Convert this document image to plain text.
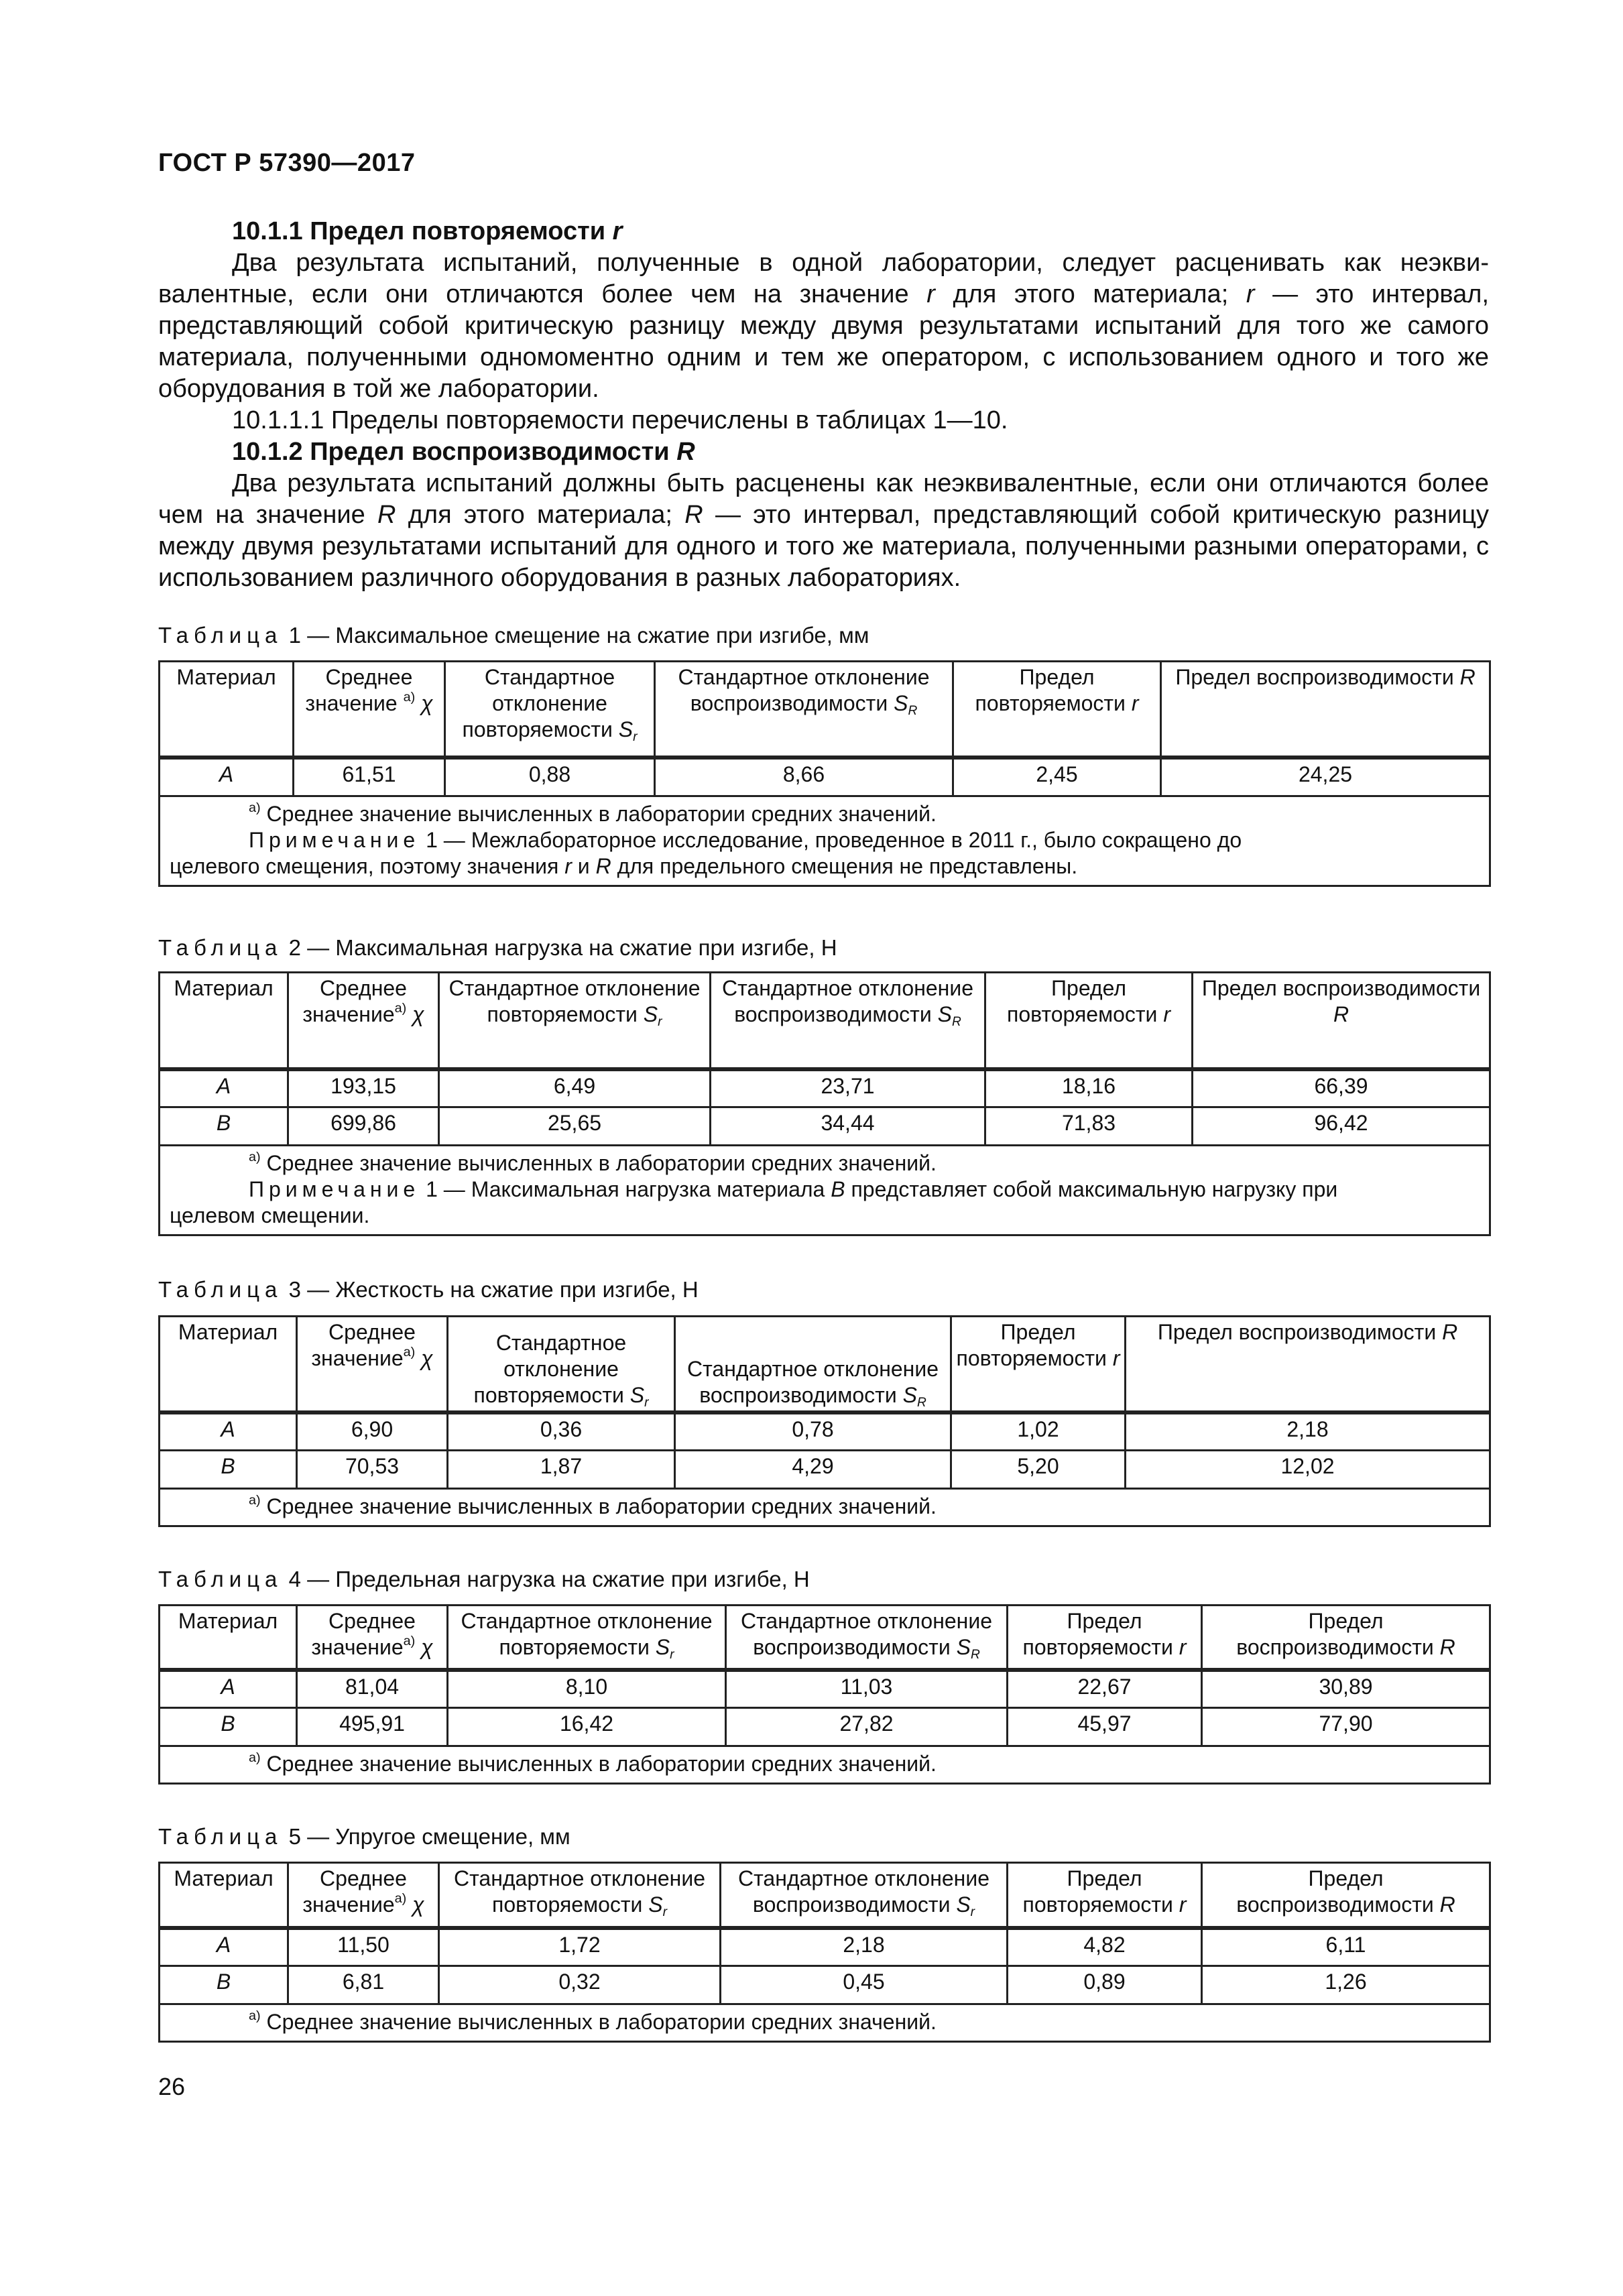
ГОСТ Р 57390—2017

10.1.1 Предел повторяемости r

Два результата испытаний, полученные в одной лаборатории, следует расценивать как неэкви-валентные, если они отличаются более чем на значение r для этого материала; r — это интервал, представляющий собой критическую разницу между двумя результатами испытаний для того же самого материала, полученными одномоментно одним и тем же оператором, с использованием одного и того же оборудования в той же лаборатории.

10.1.1.1 Пределы повторяемости перечислены в таблицах 1—10.

10.1.2 Предел воспроизводимости R

Два результата испытаний должны быть расценены как неэквивалентные, если они отличаются более чем на значение R для этого материала; R — это интервал, представляющий собой критическую разницу между двумя результатами испытаний для одного и того же материала, полученными разными операторами, с использованием различного оборудования в разных лабораториях.

Таблица 1 — Максимальное смещение на сжатие при изгибе, мм
Материал	Среднее значение $^{a)}$ χ	Стандартное отклонение повторяемости $S_r$	Стандартное отклонение воспроизводимости $S_R$	Предел повторяемости r	Предел воспроизводимости R
A	61,51	0,88	8,66	2,45	24,25

$^{a)}$ Среднее значение вычисленных в лаборатории средних значений.
Примечание 1 — Межлабораторное исследование, проведенное в 2011 г., было сокращено до
целевого смещения, поэтому значения r и R для предельного смещения не представлены.					
Таблица 2 — Максимальная нагрузка на сжатие при изгибе, Н
Материал	Среднее значение$^{a)}$ χ	Стандартное отклонение повторяемости $S_r$	Стандартное отклонение воспроизводимости $S_R$	Предел повторяемости r	Предел воспроизводимости R
A	193,15	6,49	23,71	18,16	66,39
B	699,86	25,65	34,44	71,83	96,42

$^{a)}$ Среднее значение вычисленных в лаборатории средних значений.
Примечание 1 — Максимальная нагрузка материала B представляет собой максимальную нагрузку при
целевом смещении.					
Таблица 3 — Жесткость на сжатие при изгибе, Н
Материал	Среднее значение$^{a)}$ χ	Стандартное отклонение повторяемости $S_r$	Стандартное отклонение воспроизводимости $S_R$	Предел повторяемости r	Предел воспроизводимости R
A	6,90	0,36	0,78	1,02	2,18
B	70,53	1,87	4,29	5,20	12,02

$^{a)}$ Среднее значение вычисленных в лаборатории средних значений.					
Таблица 4 — Предельная нагрузка на сжатие при изгибе, Н
Материал	Среднее значение$^{a)}$ χ	Стандартное отклонение повторяемости $S_r$	Стандартное отклонение воспроизводимости $S_R$	Предел повторяемости r	Предел воспроизводимости R
A	81,04	8,10	11,03	22,67	30,89
B	495,91	16,42	27,82	45,97	77,90

$^{a)}$ Среднее значение вычисленных в лаборатории средних значений.					
Таблица 5 — Упругое смещение, мм
Материал	Среднее значение$^{a)}$ χ	Стандартное отклонение повторяемости $S_r$	Стандартное отклонение воспроизводимости $S_r$	Предел повторяемости r	Предел воспроизводимости R
A	11,50	1,72	2,18	4,82	6,11
B	6,81	0,32	0,45	0,89	1,26

$^{a)}$ Среднее значение вычисленных в лаборатории средних значений.					
26
